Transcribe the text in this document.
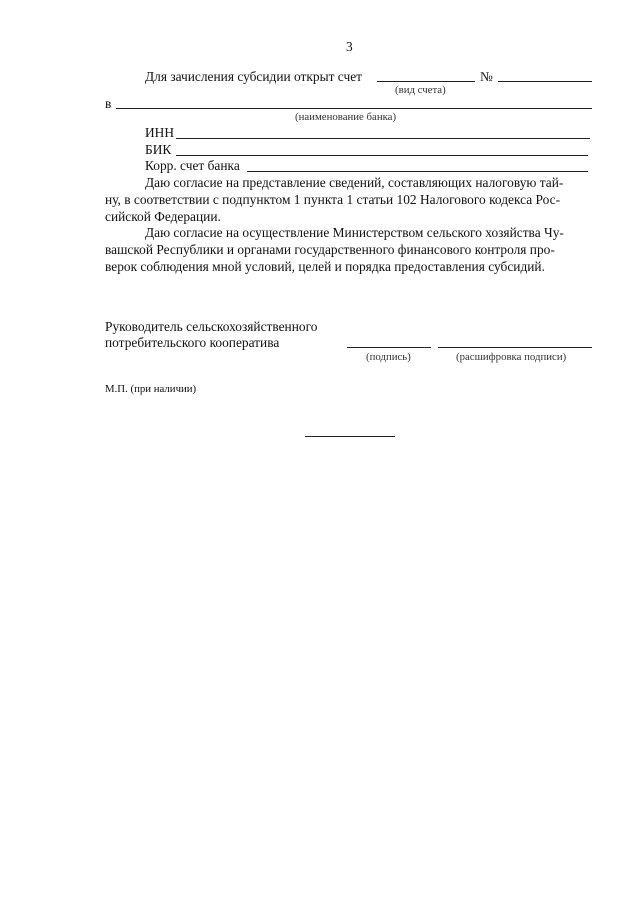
3
Для зачисления субсидии открыт счет	№
(вид счета)
в
(наименование банка)
ИНН
БИК
Корр. счет банка
Даю согласие на представление сведений, составляющих налоговую тай-
ну, в соответствии с подпунктом 1 пункта 1 статьи 102 Налогового кодекса Рос-
сийской Федерации.
Даю согласие на осуществление Министерством сельского хозяйства Чу-
вашской Республики и органами государственного финансового контроля про-
верок соблюдения мной условий, целей и порядка предоставления субсидий.
Руководитель сельскохозяйственного
потребительского кооператива
(подпись)	(расшифровка подписи)
М.П. (при наличии)
